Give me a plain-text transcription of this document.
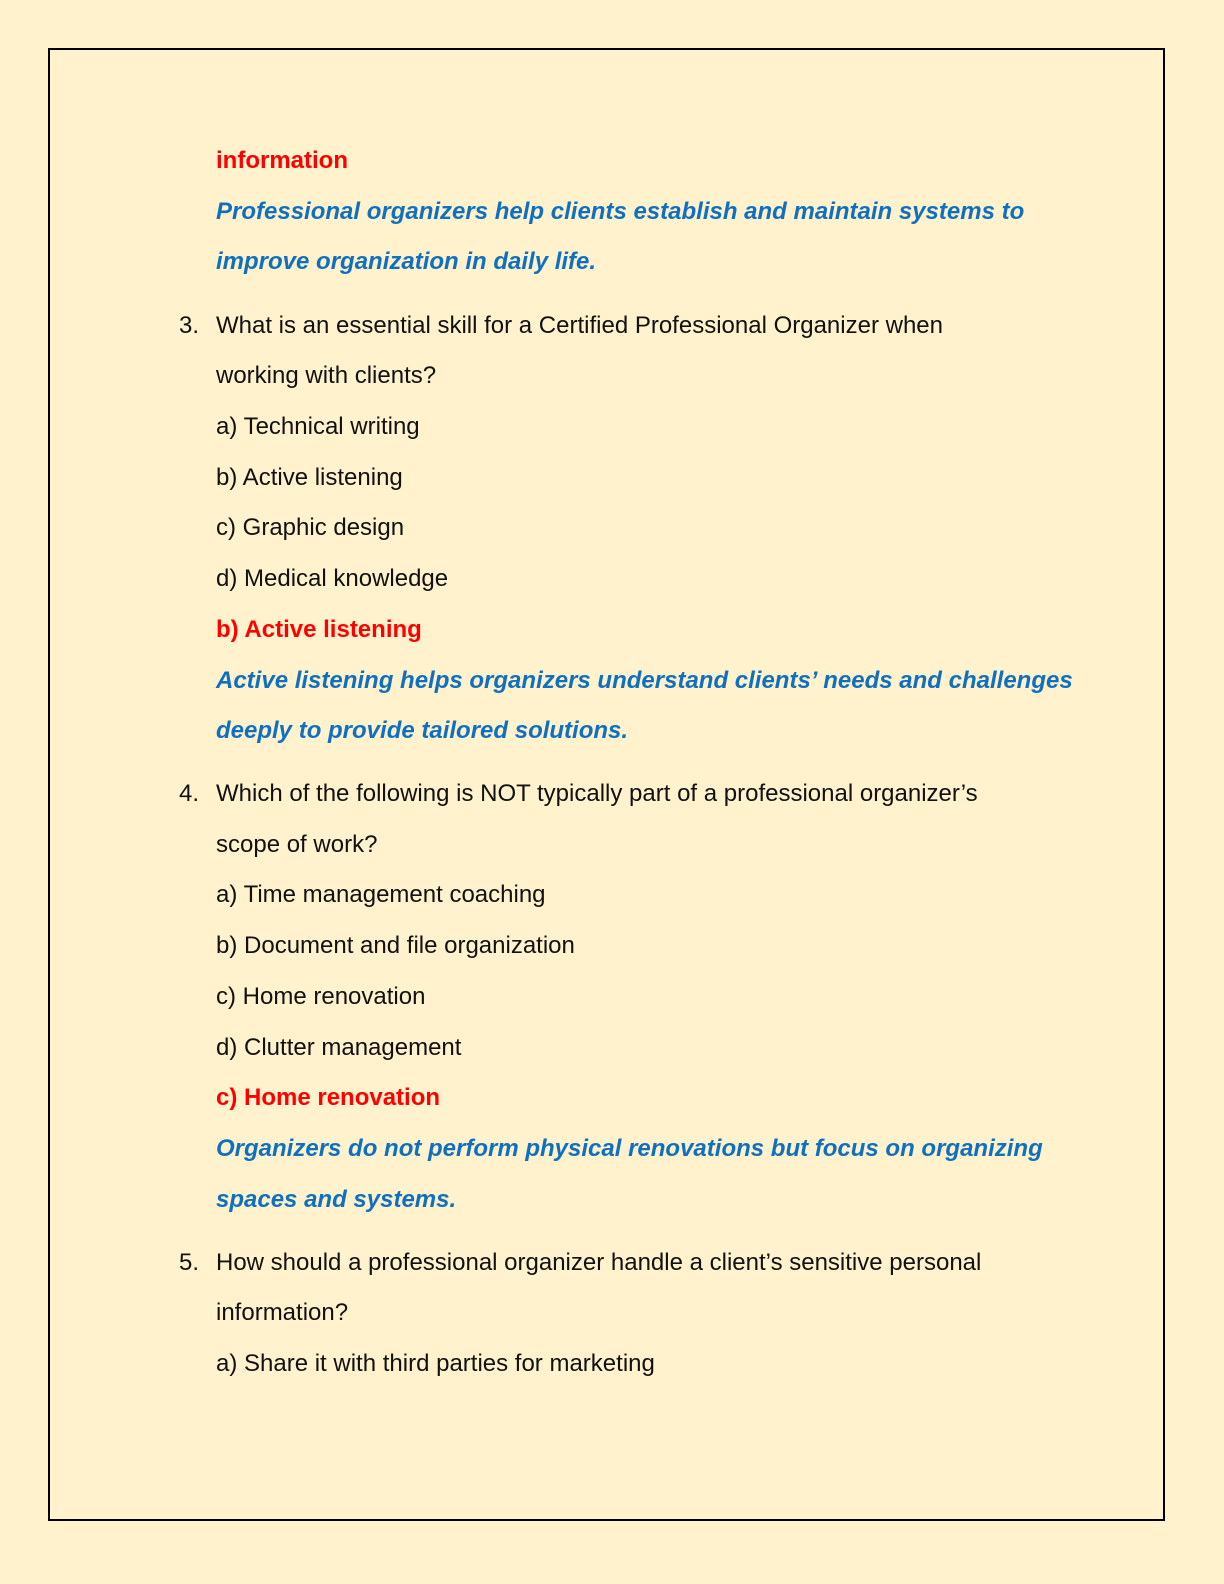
information
Professional organizers help clients establish and maintain systems to
improve organization in daily life.
3. What is an essential skill for a Certified Professional Organizer when
working with clients?
a) Technical writing
b) Active listening
c) Graphic design
d) Medical knowledge
b) Active listening
Active listening helps organizers understand clients’ needs and challenges
deeply to provide tailored solutions.
4. Which of the following is NOT typically part of a professional organizer’s
scope of work?
a) Time management coaching
b) Document and file organization
c) Home renovation
d) Clutter management
c) Home renovation
Organizers do not perform physical renovations but focus on organizing
spaces and systems.
5. How should a professional organizer handle a client’s sensitive personal
information?
a) Share it with third parties for marketing
